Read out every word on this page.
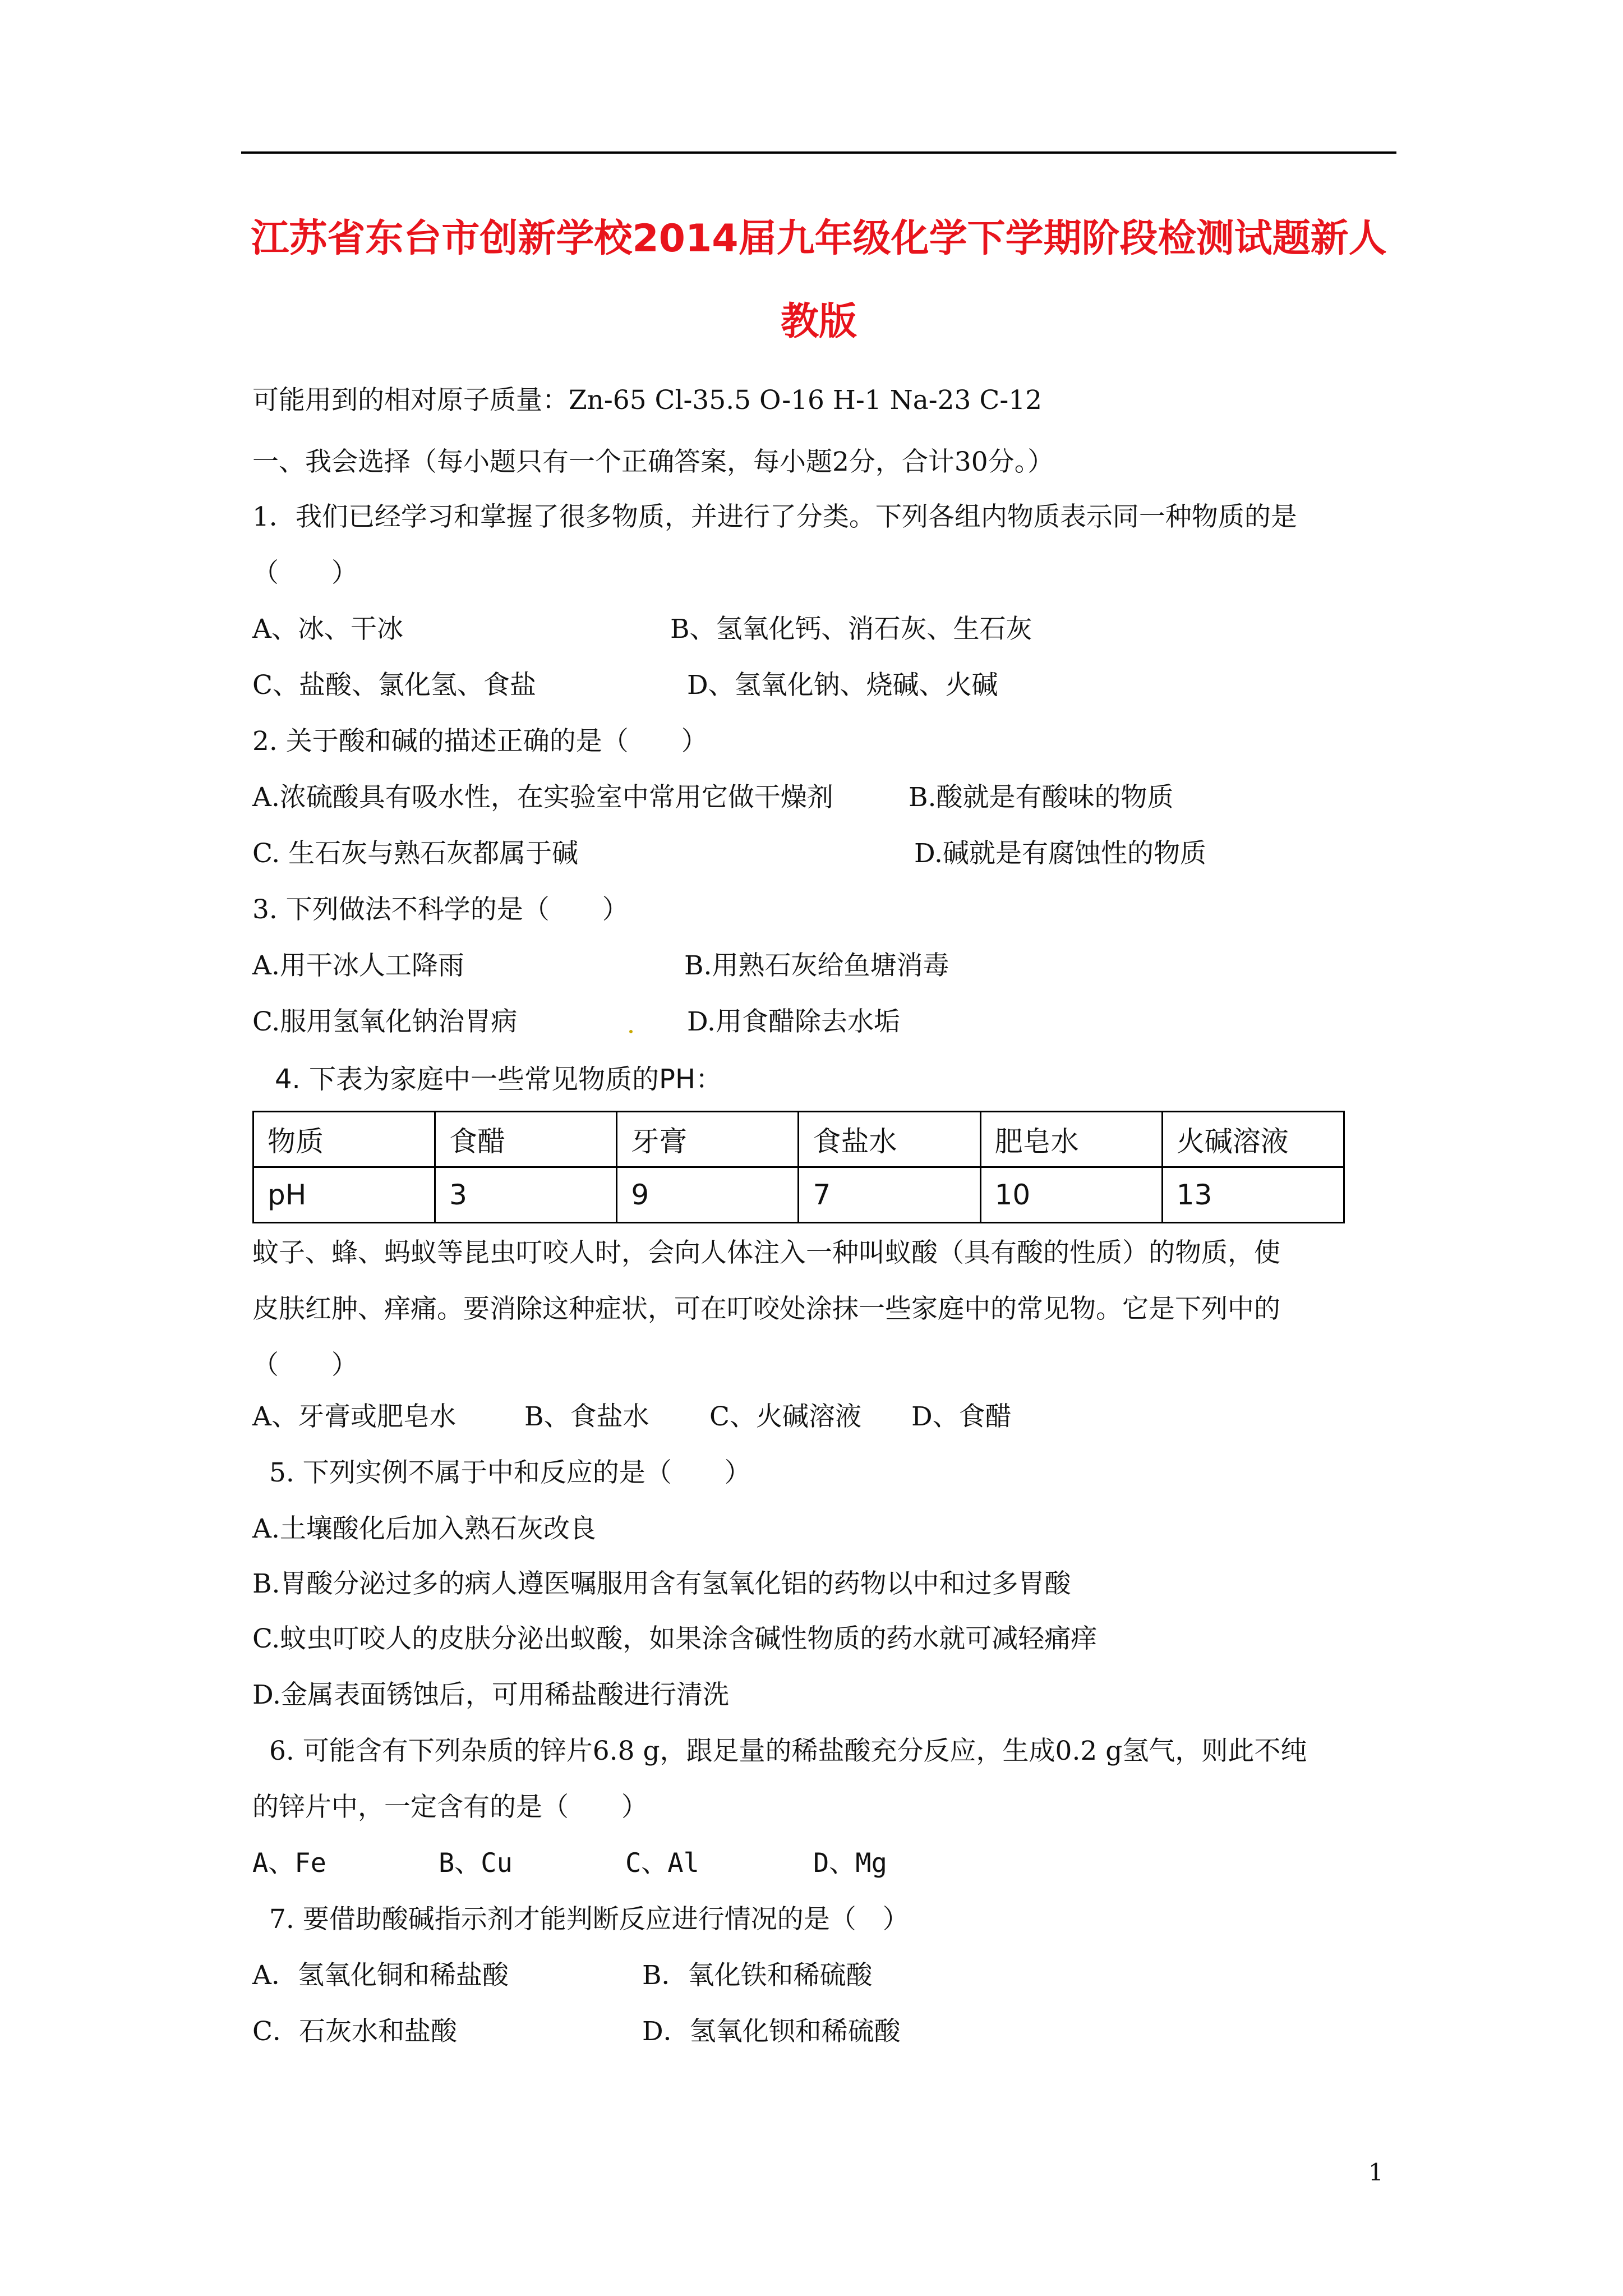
江苏省东台市创新学校2014届九年级化学下学期阶段检测试题新人
教版
可能用到的相对原子质量：Zn-65 Cl-35.5 O-16 H-1 Na-23 C-12
一、我会选择（每小题只有一个正确答案，每小题2分，合计30分。）
1．我们已经学习和掌握了很多物质，并进行了分类。下列各组内物质表示同一种物质的是
（　　）
A、冰、干冰	B、氢氧化钙、消石灰、生石灰
C、盐酸、氯化氢、食盐	D、氢氧化钠、烧碱、火碱
2. 关于酸和碱的描述正确的是（　　）
A.浓硫酸具有吸水性，在实验室中常用它做干燥剂	B.酸就是有酸味的物质
C. 生石灰与熟石灰都属于碱	D.碱就是有腐蚀性的物质
3. 下列做法不科学的是（　　）
A.用干冰人工降雨	B.用熟石灰给鱼塘消毒
C.服用氢氧化钠治胃病	D.用食醋除去水垢
4. 下表为家庭中一些常见物质的PH：
物质	食醋	牙膏	食盐水	肥皂水	火碱溶液
pH	3	9	7	10	13
蚊子、蜂、蚂蚁等昆虫叮咬人时，会向人体注入一种叫蚁酸（具有酸的性质）的物质，使
皮肤红肿、痒痛。要消除这种症状，可在叮咬处涂抹一些家庭中的常见物。它是下列中的
（　　）
A、牙膏或肥皂水	B、食盐水 C、火碱溶液 D、食醋
5. 下列实例不属于中和反应的是（　　）
A.土壤酸化后加入熟石灰改良
B.胃酸分泌过多的病人遵医嘱服用含有氢氧化铝的药物以中和过多胃酸
C.蚊虫叮咬人的皮肤分泌出蚁酸，如果涂含碱性物质的药水就可减轻痛痒
D.金属表面锈蚀后，可用稀盐酸进行清洗
6. 可能含有下列杂质的锌片6.8 g，跟足量的稀盐酸充分反应，生成0.2 g氢气，则此不纯
的锌片中，一定含有的是（　　）
A、Fe	B、Cu	C、Al	D、Mg
7. 要借助酸碱指示剂才能判断反应进行情况的是（　）
A．氢氧化铜和稀盐酸	B．氧化铁和稀硫酸
C．石灰水和盐酸	D．氢氧化钡和稀硫酸
1
